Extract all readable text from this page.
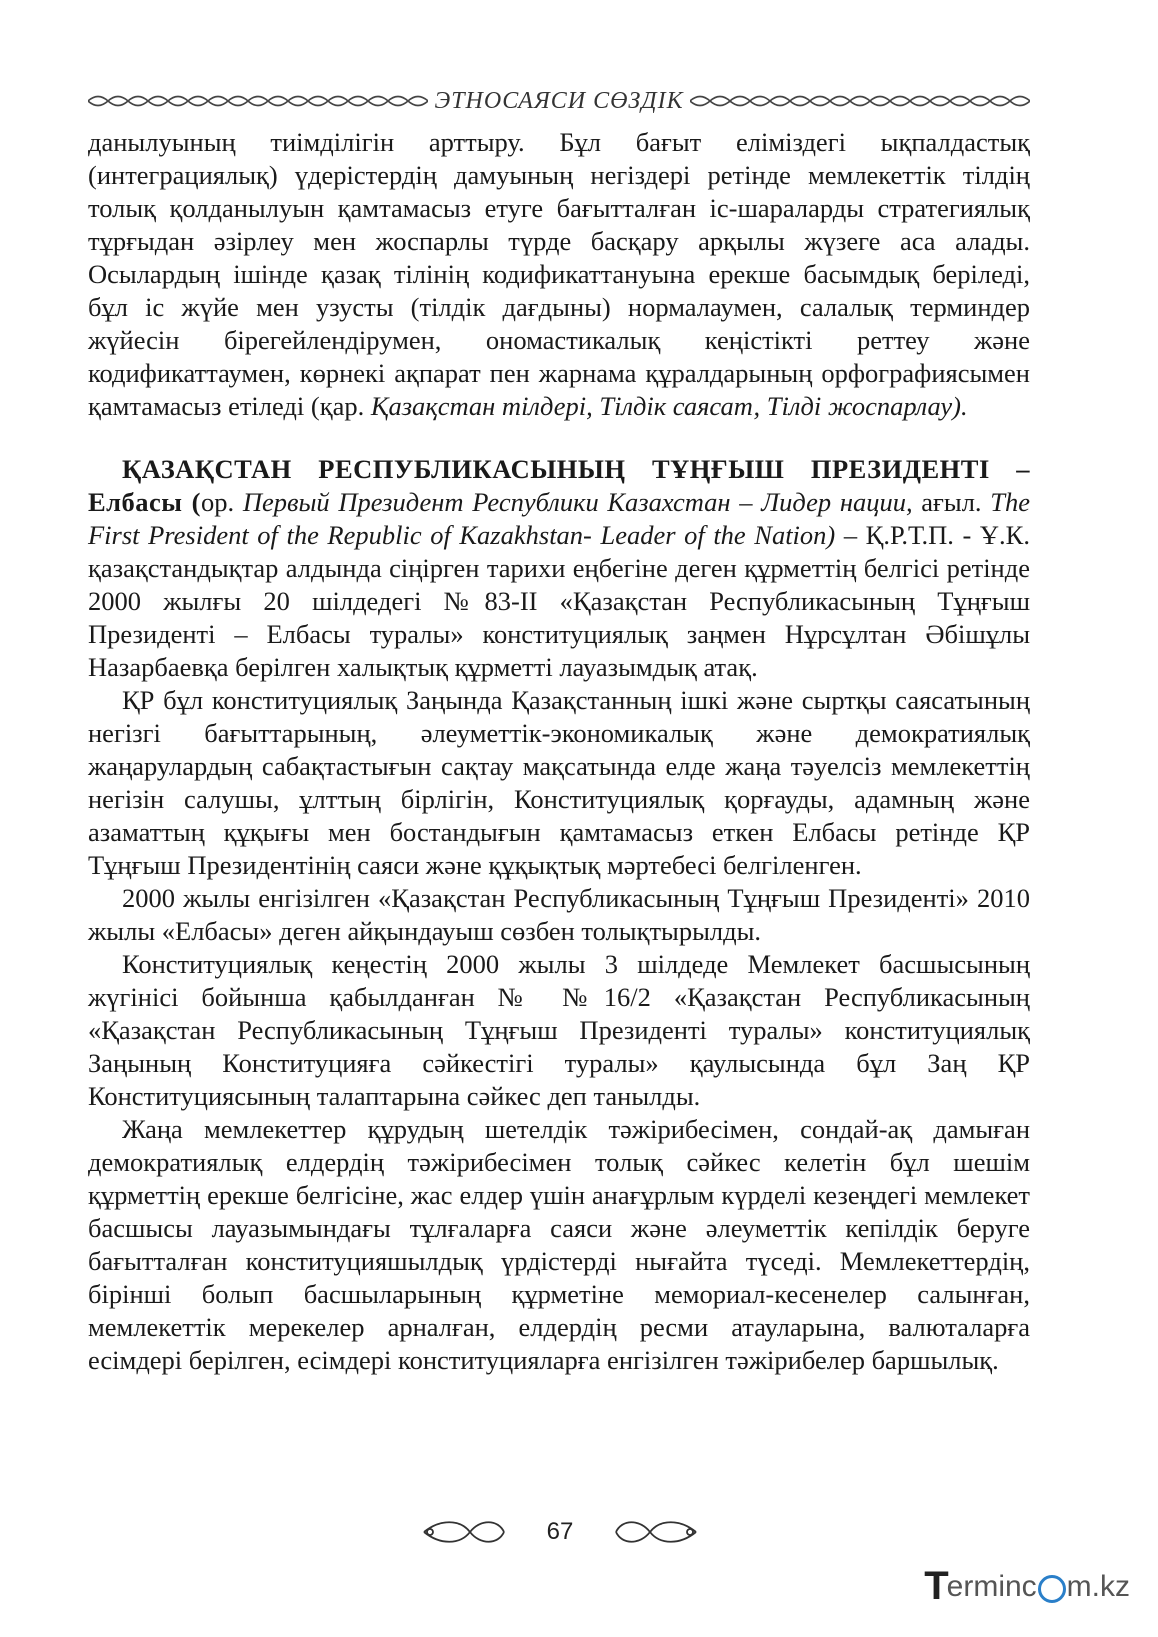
ЭТНОСАЯСИ СӨЗДІК

данылуының тиімділігін арттыру. Бұл бағыт еліміздегі ықпалдастық (интеграциялық) үдерістердің дамуының негіздері ретінде мемлекеттік тілдің толық қолданылуын қамтамасыз етуге бағытталған іс-шараларды стратегиялық тұрғыдан әзірлеу мен жоспарлы түрде басқару арқылы жүзеге аса алады. Осылардың ішінде қазақ тілінің кодификаттануына ерекше басымдық беріледі, бұл іс жүйе мен узусты (тілдік дағдыны) нормалаумен, салалық терминдер жүйесін бірегейлендірумен, ономастикалық кеңістікті реттеу және кодификаттаумен, көрнекі ақпарат пен жарнама құралдарының орфографиясымен қамтамасыз етіледі (қар. Қазақстан тілдері, Тілдік саясат, Тілді жоспарлау).

ҚАЗАҚСТАН РЕСПУБЛИКАСЫНЫҢ ТҰҢҒЫШ ПРЕЗИДЕНТІ – Елбасы (ор. Первый Президент Республики Казахстан – Лидер нации, ағыл. The First President of the Republic of Kazakhstan- Leader of the Nation) – Қ.Р.Т.П. - Ұ.К. қазақстандықтар алдында сіңірген тарихи еңбегіне деген құрметтің белгісі ретінде 2000 жылғы 20 шілдедегі №83-ІІ «Қазақстан Республикасының Тұңғыш Президенті – Елбасы туралы» конституциялық заңмен Нұрсұлтан Әбішұлы Назарбаевқа берілген халықтық құрметті лауазымдық атақ.

ҚР бұл конституциялық Заңында Қазақстанның ішкі және сыртқы саясатының негізгі бағыттарының, әлеуметтік-экономикалық және демократиялық жаңарулардың сабақтастығын сақтау мақсатында елде жаңа тәуелсіз мемлекеттің негізін салушы, ұлттың бірлігін, Конституциялық қорғауды, адамның және азаматтың құқығы мен бостандығын қамтамасыз еткен Елбасы ретінде ҚР Тұңғыш Президентінің саяси және құқықтық мәртебесі белгіленген.

2000 жылы енгізілген «Қазақстан Республикасының Тұңғыш Президенті» 2010 жылы «Елбасы» деген айқындауыш сөзбен толықтырылды.

Конституциялық кеңестің 2000 жылы 3 шілдеде Мемлекет басшысының жүгінісі бойынша қабылданған № №16/2 «Қазақстан Республикасының «Қазақстан Республикасының Тұңғыш Президенті туралы» конституциялық Заңының Конституцияға сәйкестігі туралы» қаулысында бұл Заң ҚР Конституциясының талаптарына сәйкес деп танылды.

Жаңа мемлекеттер құрудың шетелдік тәжірибесімен, сондай-ақ дамыған демократиялық елдердің тәжірибесімен толық сәйкес келетін бұл шешім құрметтің ерекше белгісіне, жас елдер үшін анағұрлым күрделі кезеңдегі мемлекет басшысы лауазымындағы тұлғаларға саяси және әлеуметтік кепілдік беруге бағытталған конституцияшылдық үрдістерді нығайта түседі. Мемлекеттердің, бірінші болып басшыларының құрметіне мемориал-кесенелер салынған, мемлекеттік мерекелер арналған, елдердің ресми атауларына, валюталарға есімдері берілген, есімдері конституцияларға енгізілген тәжірибелер баршылық.

67
T
erminc m.kz
